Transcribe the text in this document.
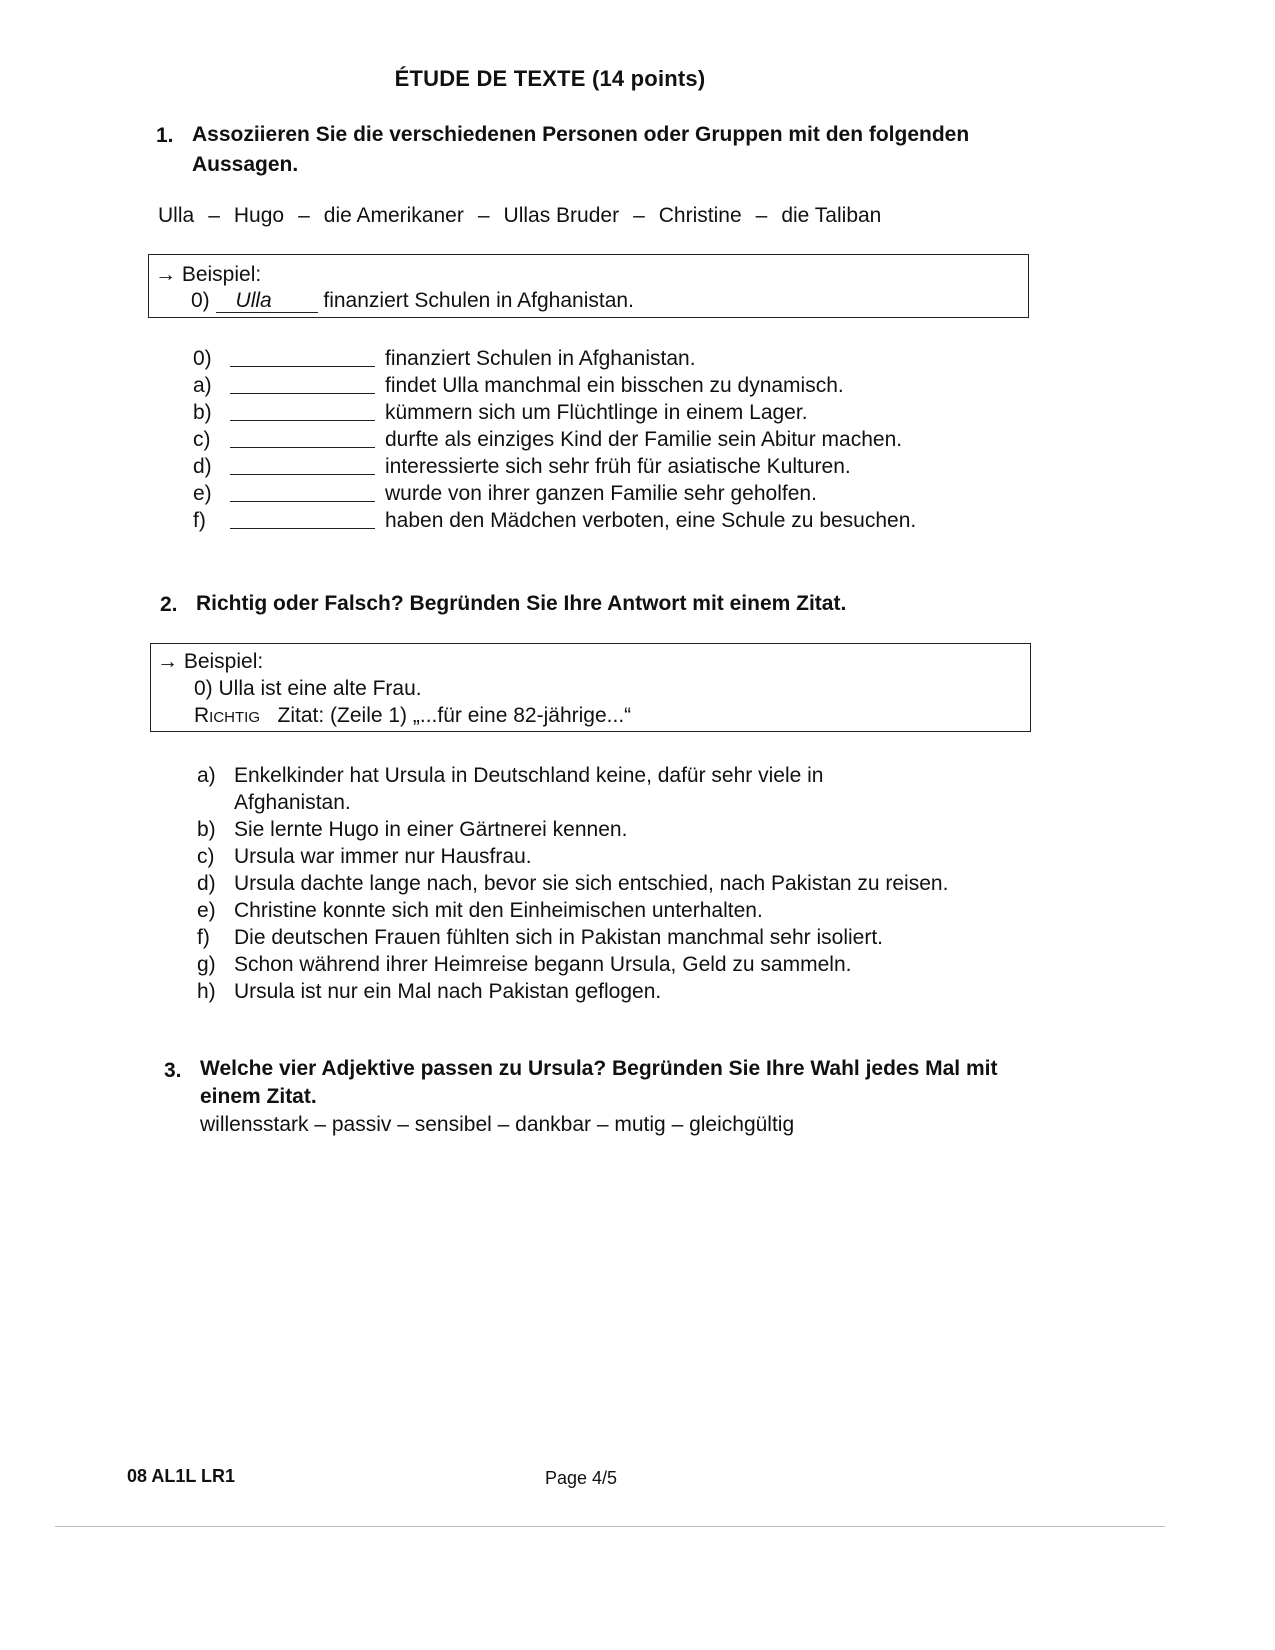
ÉTUDE DE TEXTE (14 points)
1. Assoziieren Sie die verschiedenen Personen oder Gruppen mit den folgenden Aussagen.
Ulla – Hugo – die Amerikaner – Ullas Bruder – Christine – die Taliban
→ Beispiel:
0) Ulla finanziert Schulen in Afghanistan.
0)	finanziert Schulen in Afghanistan.
a)	findet Ulla manchmal ein bisschen zu dynamisch.
b)	kümmern sich um Flüchtlinge in einem Lager.
c)	durfte als einziges Kind der Familie sein Abitur machen.
d)	interessierte sich sehr früh für asiatische Kulturen.
e)	wurde von ihrer ganzen Familie sehr geholfen.
f)	haben den Mädchen verboten, eine Schule zu besuchen.
2. Richtig oder Falsch? Begründen Sie Ihre Antwort mit einem Zitat.
→ Beispiel:
0) Ulla ist eine alte Frau.
Richtig Zitat: (Zeile 1) „...für eine 82-jährige...“
a) Enkelkinder hat Ursula in Deutschland keine, dafür sehr viele in Afghanistan.
b) Sie lernte Hugo in einer Gärtnerei kennen.
c) Ursula war immer nur Hausfrau.
d) Ursula dachte lange nach, bevor sie sich entschied, nach Pakistan zu reisen.
e) Christine konnte sich mit den Einheimischen unterhalten.
f)	Die deutschen Frauen fühlten sich in Pakistan manchmal sehr isoliert.
g) Schon während ihrer Heimreise begann Ursula, Geld zu sammeln.
h) Ursula ist nur ein Mal nach Pakistan geflogen.
3. Welche vier Adjektive passen zu Ursula? Begründen Sie Ihre Wahl jedes Mal mit einem Zitat.
willensstark – passiv – sensibel – dankbar – mutig – gleichgültig
08 AL1L LR1	Page 4/5
